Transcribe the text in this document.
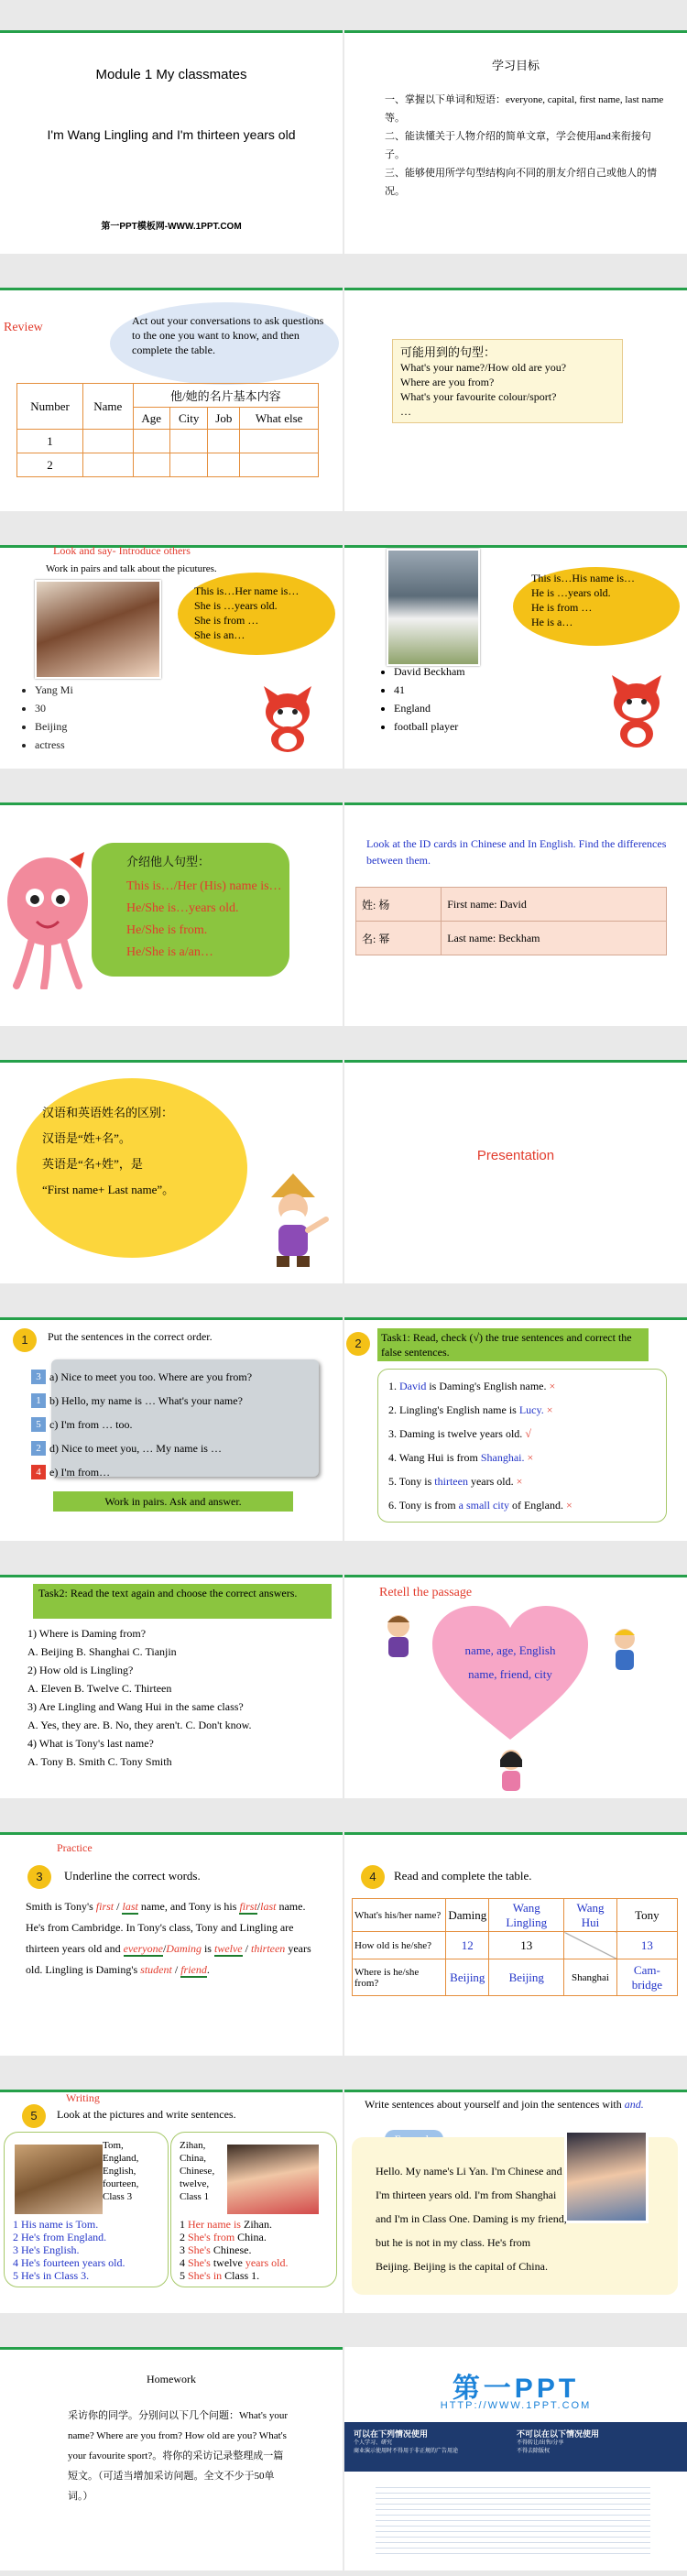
Module 1 My classmates
I'm Wang Lingling and I'm thirteen years old
第一PPT模板网-WWW.1PPT.COM
学习目标
一、掌握以下单词和短语：everyone, capital, first name, last name等。
二、能读懂关于人物介绍的简单文章，学会使用and来衔接句子。
三、能够使用所学句型结构向不同的朋友介绍自己或他人的情况。
Review	Act out your conversations to ask questions to the one you want to know, and then complete the table.
Number	Name	他/她的名片基本内容			
		Age	City	Job	What else
1					
2					
可能用到的句型：
What's your name?/How old are you?
Where are you from?
What's your favourite colour/sport?
…
Look and say- Introduce others
Work in pairs and talk about the picutures.
This is…Her name is…
She is …years old.
She is from …
She is an…
• Yang Mi
• 30
• Beijing
• actress
This is…His name is…
He is …years old.
He is from …
He is a…
• David Beckham
• 41
• England
• football player
介绍他人句型：
This is…/Her (His) name is…
He/She is…years old.
He/She is from.
He/She is a/an…
Look at the ID cards in Chinese and In English. Find the differences between them.
姓: 杨	First name: David
名: 幂	Last name: Beckham
汉语和英语姓名的区别：
汉语是“姓+名”。
英语是“名+姓”，是
“First name+ Last name”。
Presentation
1	Put the sentences in the correct order.
3 a) Nice to meet you too. Where are you from?
1 b) Hello, my name is … What's your name?
5 c) I'm from … too.
2 d) Nice to meet you, … My name is …
4 e) I'm from…
Work in pairs. Ask and answer.
2	Task1: Read, check (√) the true sentences and correct the false sentences.
1. David is Daming's English name. ×
2. Lingling's English name is Lucy. ×
3. Daming is twelve years old. √
4. Wang Hui is from Shanghai. ×
5. Tony is thirteen years old. ×
6. Tony is from a small city of England. ×
Task2: Read the text again and choose the correct answers.
1) Where is Daming from?
A. Beijing B. Shanghai C. Tianjin
2) How old is Lingling?
A. Eleven B. Twelve C. Thirteen
3) Are Lingling and Wang Hui in the same class?
A. Yes, they are. B. No, they aren't. C. Don't know.
4) What is Tony's last name?
A. Tony B. Smith C. Tony Smith
Retell the passage
name, age, English name, friend, city
Practice
3	Underline the correct words.
Smith is Tony's first / last name, and Tony is his first/last name. He's from Cambridge. In Tony's class, Tony and Lingling are thirteen years old and everyone/Daming is twelve / thirteen years old. Lingling is Daming's student / friend.
4	Read and complete the table.
What's his/her name?	Daming	Wang Lingling	Wang Hui	Tony
How old is he/she?	12	13		13
Where is he/she from?	Beijing	Beijing	Shanghai	Cam-bridge
Writing
5	Look at the pictures and write sentences.
Tom,
England,
English,
fourteen,
Class 3
1 His name is Tom.
2 He's from England.
3 He's English.
4 He's fourteen years old.
5 He's in Class 3.
Zihan,
China,
Chinese,
twelve,
Class 1
1 Her name is Zihan.
2 She's from China.
3 She's Chinese.
4 She's twelve years old.
5 She's in Class 1.
Write sentences about yourself and join the sentences with and.
Hello. My name's Li Yan. I'm Chinese and I'm thirteen years old. I'm from Shanghai and I'm in Class One. Daming is my friend, but he is not in my class. He's from Beijing. Beijing is the capital of China.
Homework
采访你的同学。分别问以下几个问题：What's your name? Where are you from? How old are you? What's your favourite sport?。将你的采访记录整理成一篇短文。（可适当增加采访问题。全文不少于50单词。）
第一PPT
HTTP://WWW.1PPT.COM
可以在下列情况使用
个人学习、研究
商业演示使用时不得用于非正规的广告用途
不可以在以下情况使用
不得转让/出售/分享
不得去除版权
